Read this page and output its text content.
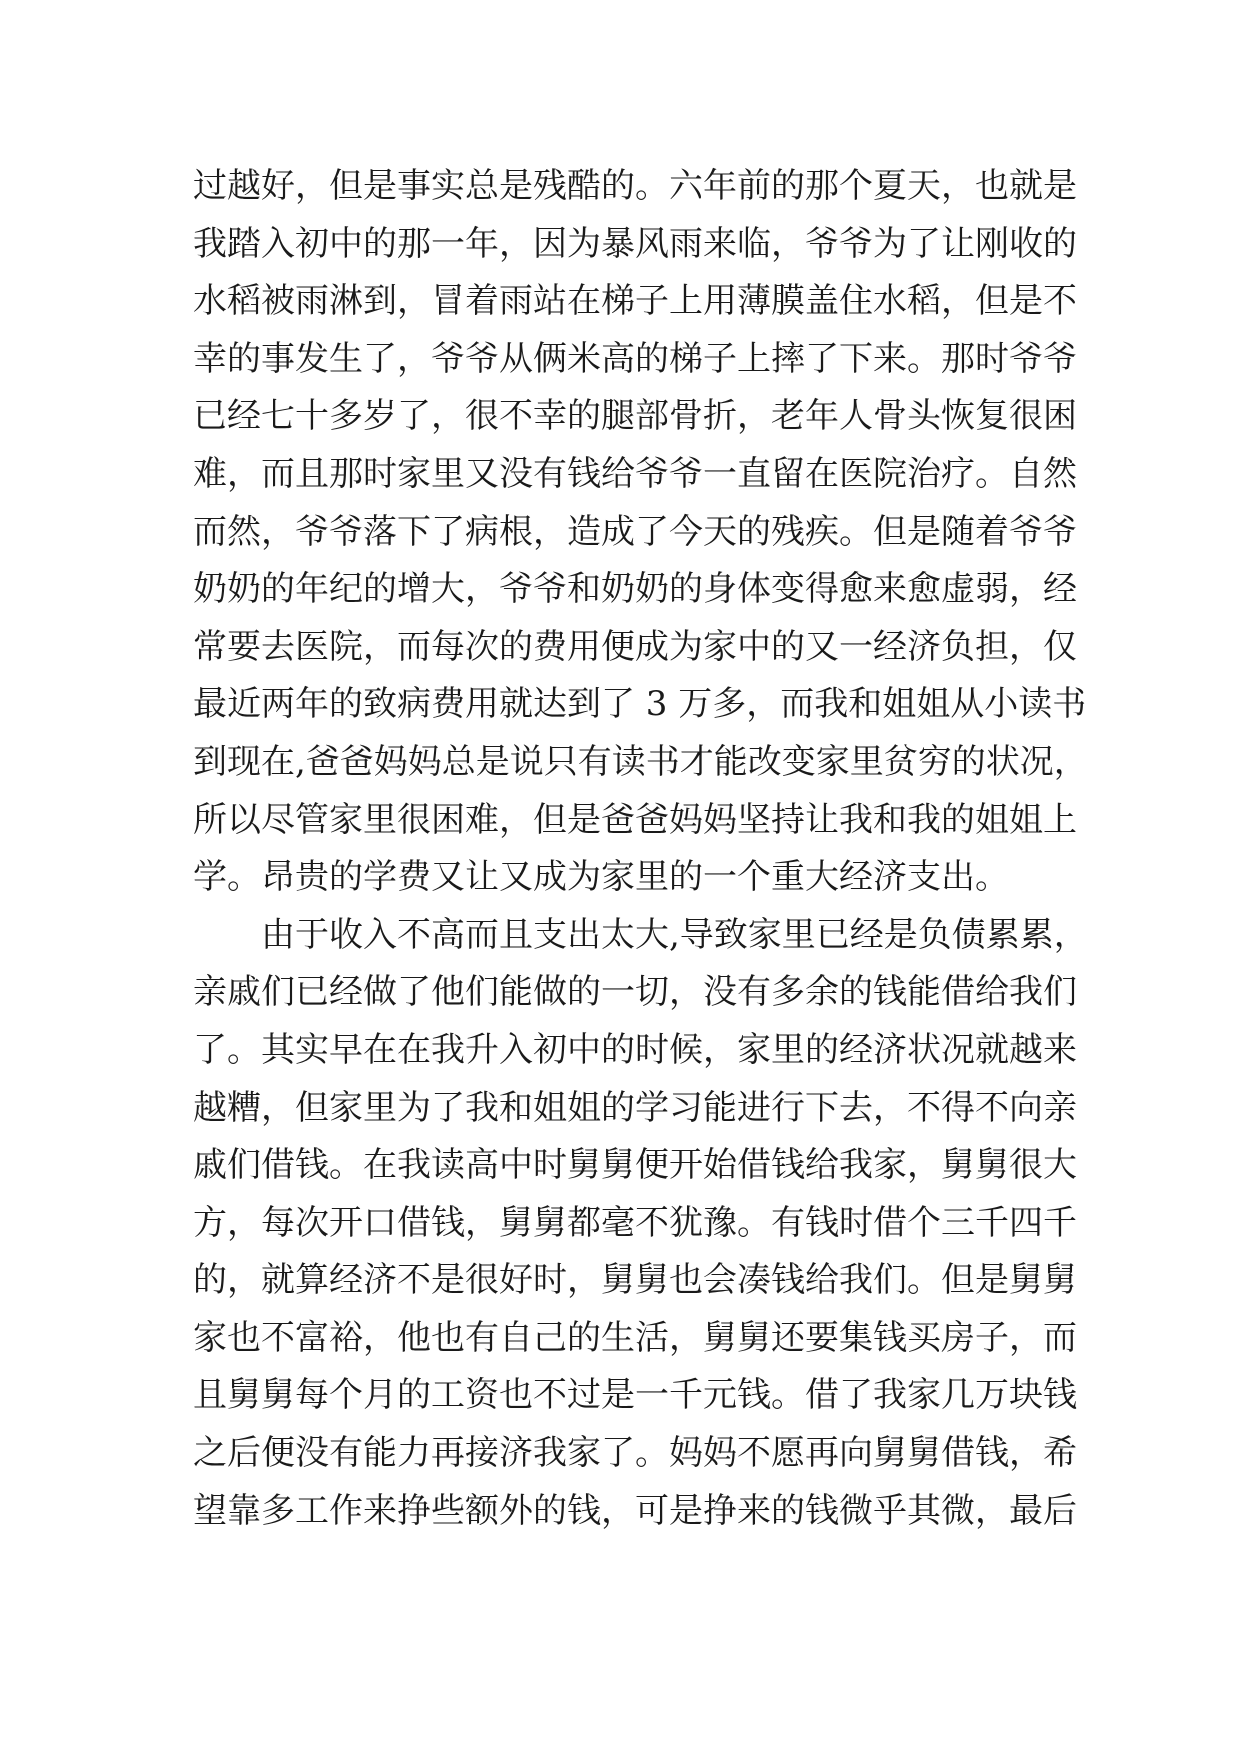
过越好，但是事实总是残酷的。六年前的那个夏天，也就是
我踏入初中的那一年，因为暴风雨来临，爷爷为了让刚收的
水稻被雨淋到，冒着雨站在梯子上用薄膜盖住水稻，但是不
幸的事发生了，爷爷从俩米高的梯子上摔了下来。那时爷爷
已经七十多岁了，很不幸的腿部骨折，老年人骨头恢复很困
难，而且那时家里又没有钱给爷爷一直留在医院治疗。自然
而然，爷爷落下了病根，造成了今天的残疾。但是随着爷爷
奶奶的年纪的增大，爷爷和奶奶的身体变得愈来愈虚弱，经
常要去医院，而每次的费用便成为家中的又一经济负担，仅
最近两年的致病费用就达到了 3 万多，而我和姐姐从小读书
到现在,爸爸妈妈总是说只有读书才能改变家里贫穷的状况，
所以尽管家里很困难，但是爸爸妈妈坚持让我和我的姐姐上
学。昂贵的学费又让又成为家里的一个重大经济支出。
由于收入不高而且支出太大,导致家里已经是负债累累，
亲戚们已经做了他们能做的一切，没有多余的钱能借给我们
了。其实早在在我升入初中的时候，家里的经济状况就越来
越糟，但家里为了我和姐姐的学习能进行下去，不得不向亲
戚们借钱。在我读高中时舅舅便开始借钱给我家，舅舅很大
方，每次开口借钱，舅舅都毫不犹豫。有钱时借个三千四千
的，就算经济不是很好时，舅舅也会凑钱给我们。但是舅舅
家也不富裕，他也有自己的生活，舅舅还要集钱买房子，而
且舅舅每个月的工资也不过是一千元钱。借了我家几万块钱
之后便没有能力再接济我家了。妈妈不愿再向舅舅借钱，希
望靠多工作来挣些额外的钱，可是挣来的钱微乎其微，最后
